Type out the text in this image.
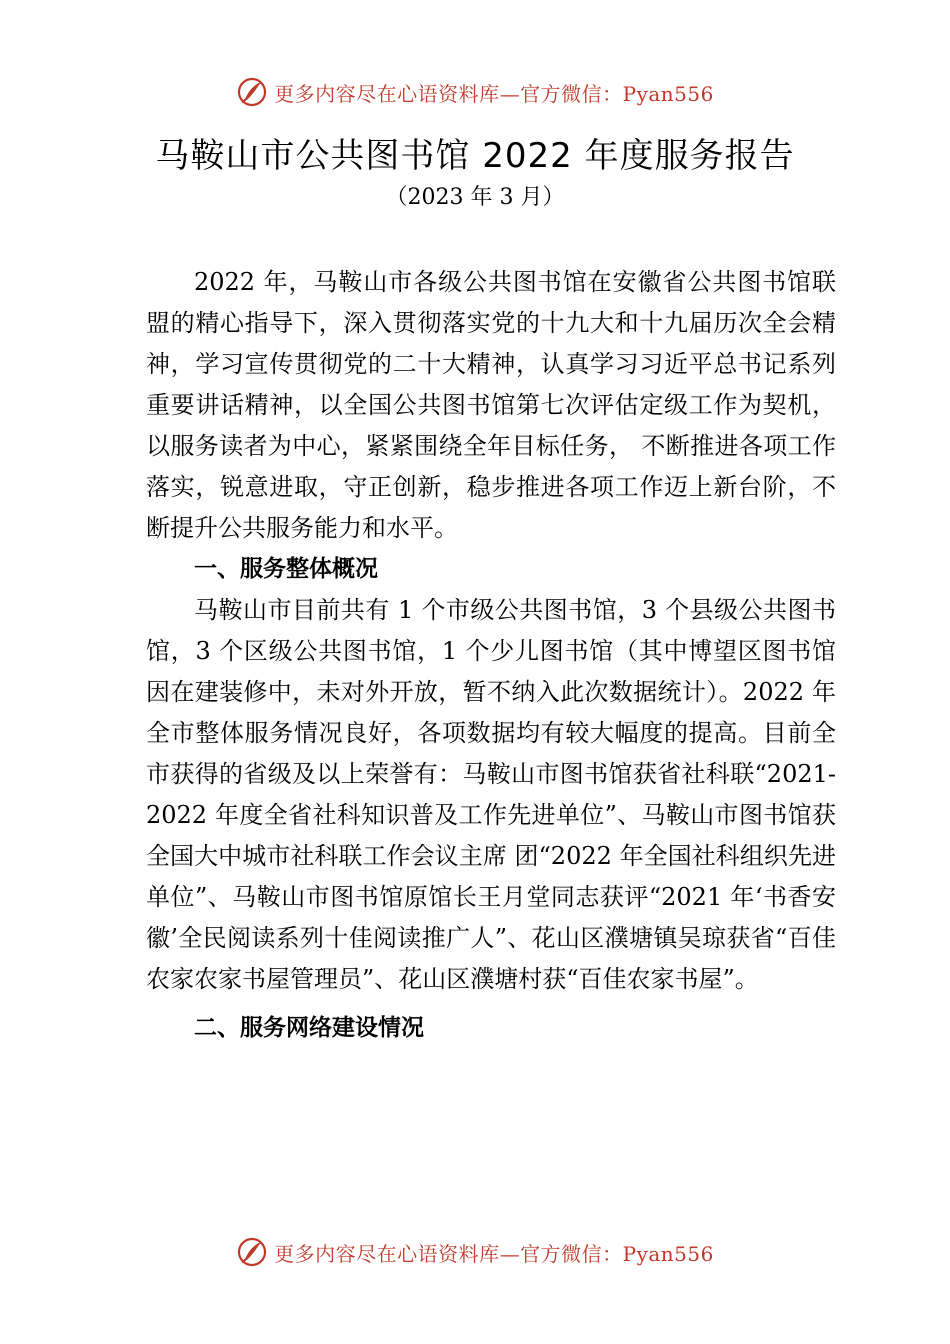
更多内容尽在心语资料库—官方微信：Pyan556
马鞍山市公共图书馆 2022 年度服务报告
（2023 年 3 月）

2022 年，马鞍山市各级公共图书馆在安徽省公共图书馆联盟的精心指导下，深入贯彻落实党的十九大和十九届历次全会精神，学习宣传贯彻党的二十大精神，认真学习习近平总书记系列重要讲话精神，以全国公共图书馆第七次评估定级工作为契机，以服务读者为中心，紧紧围绕全年目标任务， 不断推进各项工作落实，锐意进取，守正创新，稳步推进各项工作迈上新台阶，不断提升公共服务能力和水平。

一、服务整体概况

马鞍山市目前共有 1 个市级公共图书馆，3 个县级公共图书馆，3 个区级公共图书馆，1 个少儿图书馆（其中博望区图书馆因在建装修中，未对外开放，暂不纳入此次数据统计）。2022 年全市整体服务情况良好，各项数据均有较大幅度的提高。目前全市获得的省级及以上荣誉有：马鞍山市图书馆获省社科联“2021-2022 年度全省社科知识普及工作先进单位”、马鞍山市图书馆获全国大中城市社科联工作会议主席 团“2022 年全国社科组织先进单位”、马鞍山市图书馆原馆长王月堂同志获评“2021 年‘书香安徽’全民阅读系列十佳阅读推广人”、花山区濮塘镇吴琼获省“百佳农家农家书屋管理员”、花山区濮塘村获“百佳农家书屋”。

二、服务网络建设情况

更多内容尽在心语资料库—官方微信：Pyan556
